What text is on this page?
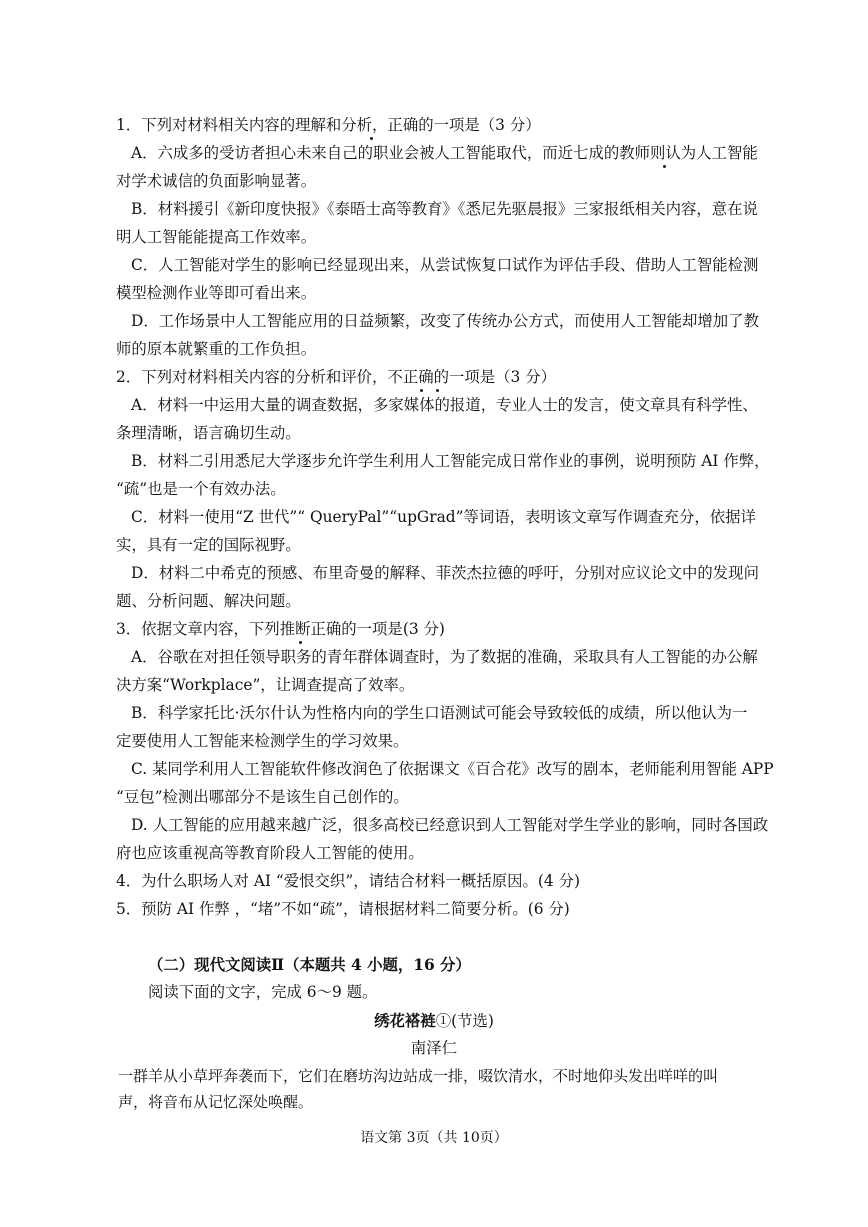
1．下列对材料相关内容的理解和分析，正确的一项是（3 分）
A．六成多的受访者担心未来自己的职业会被人工智能取代，而近七成的教师则认为人工智能
对学术诚信的负面影响显著。
B．材料援引《新印度快报》《泰晤士高等教育》《悉尼先驱晨报》三家报纸相关内容，意在说
明人工智能能提高工作效率。
C．人工智能对学生的影响已经显现出来，从尝试恢复口试作为评估手段、借助人工智能检测
模型检测作业等即可看出来。
D．工作场景中人工智能应用的日益频繁，改变了传统办公方式，而使用人工智能却增加了教
师的原本就繁重的工作负担。
2．下列对材料相关内容的分析和评价，不正确的一项是（3 分）
A．材料一中运用大量的调查数据，多家媒体的报道，专业人士的发言，使文章具有科学性、
条理清晰，语言确切生动。
B．材料二引用悉尼大学逐步允许学生利用人工智能完成日常作业的事例，说明预防 AI 作弊，
“疏”也是一个有效办法。
C．材料一使用“Z 世代”“ QueryPal”“upGrad”等词语，表明该文章写作调查充分，依据详
实，具有一定的国际视野。
D．材料二中希克的预感、布里奇曼的解释、菲茨杰拉德的呼吁，分别对应议论文中的发现问
题、分析问题、解决问题。
3．依据文章内容，下列推断正确的一项是(3 分)
A．谷歌在对担任领导职务的青年群体调查时，为了数据的准确，采取具有人工智能的办公解
决方案“Workplace”，让调查提高了效率。
B．科学家托比·沃尔什认为性格内向的学生口语测试可能会导致较低的成绩，所以他认为一
定要使用人工智能来检测学生的学习效果。
C. 某同学利用人工智能软件修改润色了依据课文《百合花》改写的剧本，老师能利用智能 APP
“豆包”检测出哪部分不是该生自己创作的。
D. 人工智能的应用越来越广泛，很多高校已经意识到人工智能对学生学业的影响，同时各国政
府也应该重视高等教育阶段人工智能的使用。
4．为什么职场人对 AI “爱恨交织”，请结合材料一概括原因。(4 分)
5．预防 AI 作弊 ，“堵”不如“疏”，请根据材料二简要分析。(6 分)
（二）现代文阅读Ⅱ（本题共 4 小题，16 分）
阅读下面的文字，完成 6～9 题。
绣花褡裢①(节选)
南泽仁
一群羊从小草坪奔袭而下，它们在磨坊沟边站成一排，啜饮清水，不时地仰头发出咩咩的叫
声，将音布从记忆深处唤醒。
语文第 3页（共 10页）
